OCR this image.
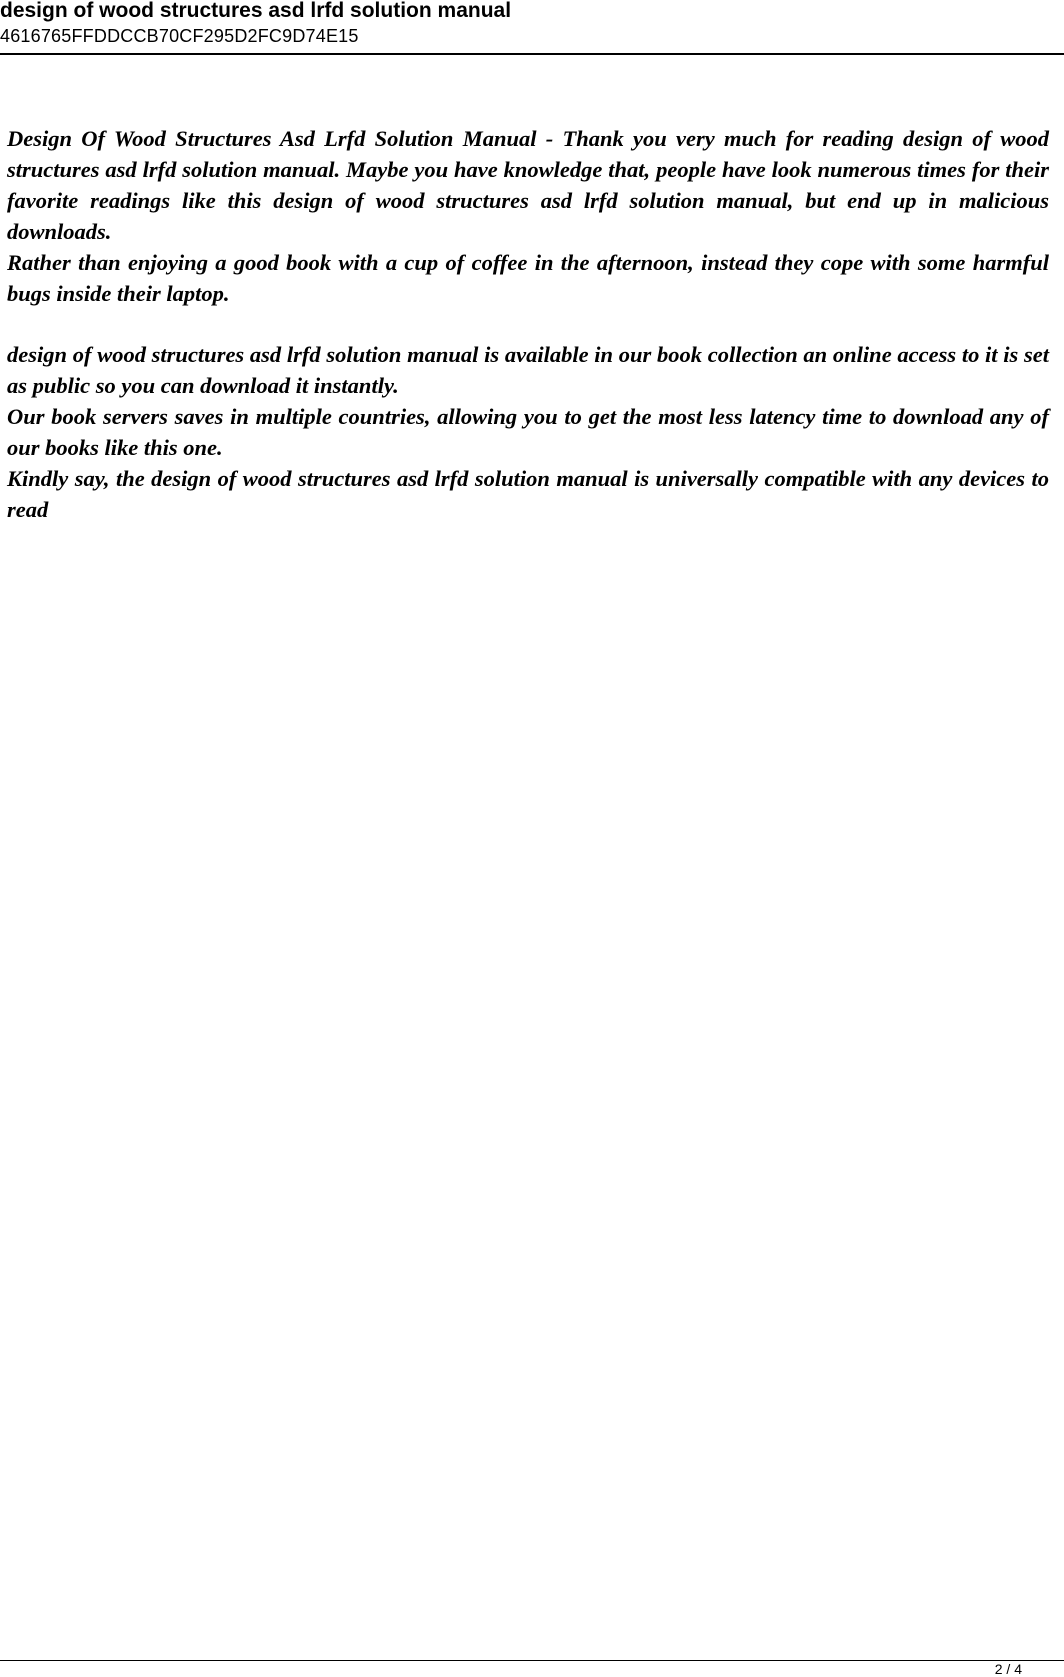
design of wood structures asd lrfd solution manual
4616765FFDDCCB70CF295D2FC9D74E15

Design Of Wood Structures Asd Lrfd Solution Manual - Thank you very much for reading design of wood structures asd lrfd solution manual. Maybe you have knowledge that, people have look numerous times for their favorite readings like this design of wood structures asd lrfd solution manual, but end up in malicious downloads.

Rather than enjoying a good book with a cup of coffee in the afternoon, instead they cope with some harmful bugs inside their laptop.

design of wood structures asd lrfd solution manual is available in our book collection an online access to it is set as public so you can download it instantly.

Our book servers saves in multiple countries, allowing you to get the most less latency time to download any of our books like this one.

Kindly say, the design of wood structures asd lrfd solution manual is universally compatible with any devices to read

2 / 4
